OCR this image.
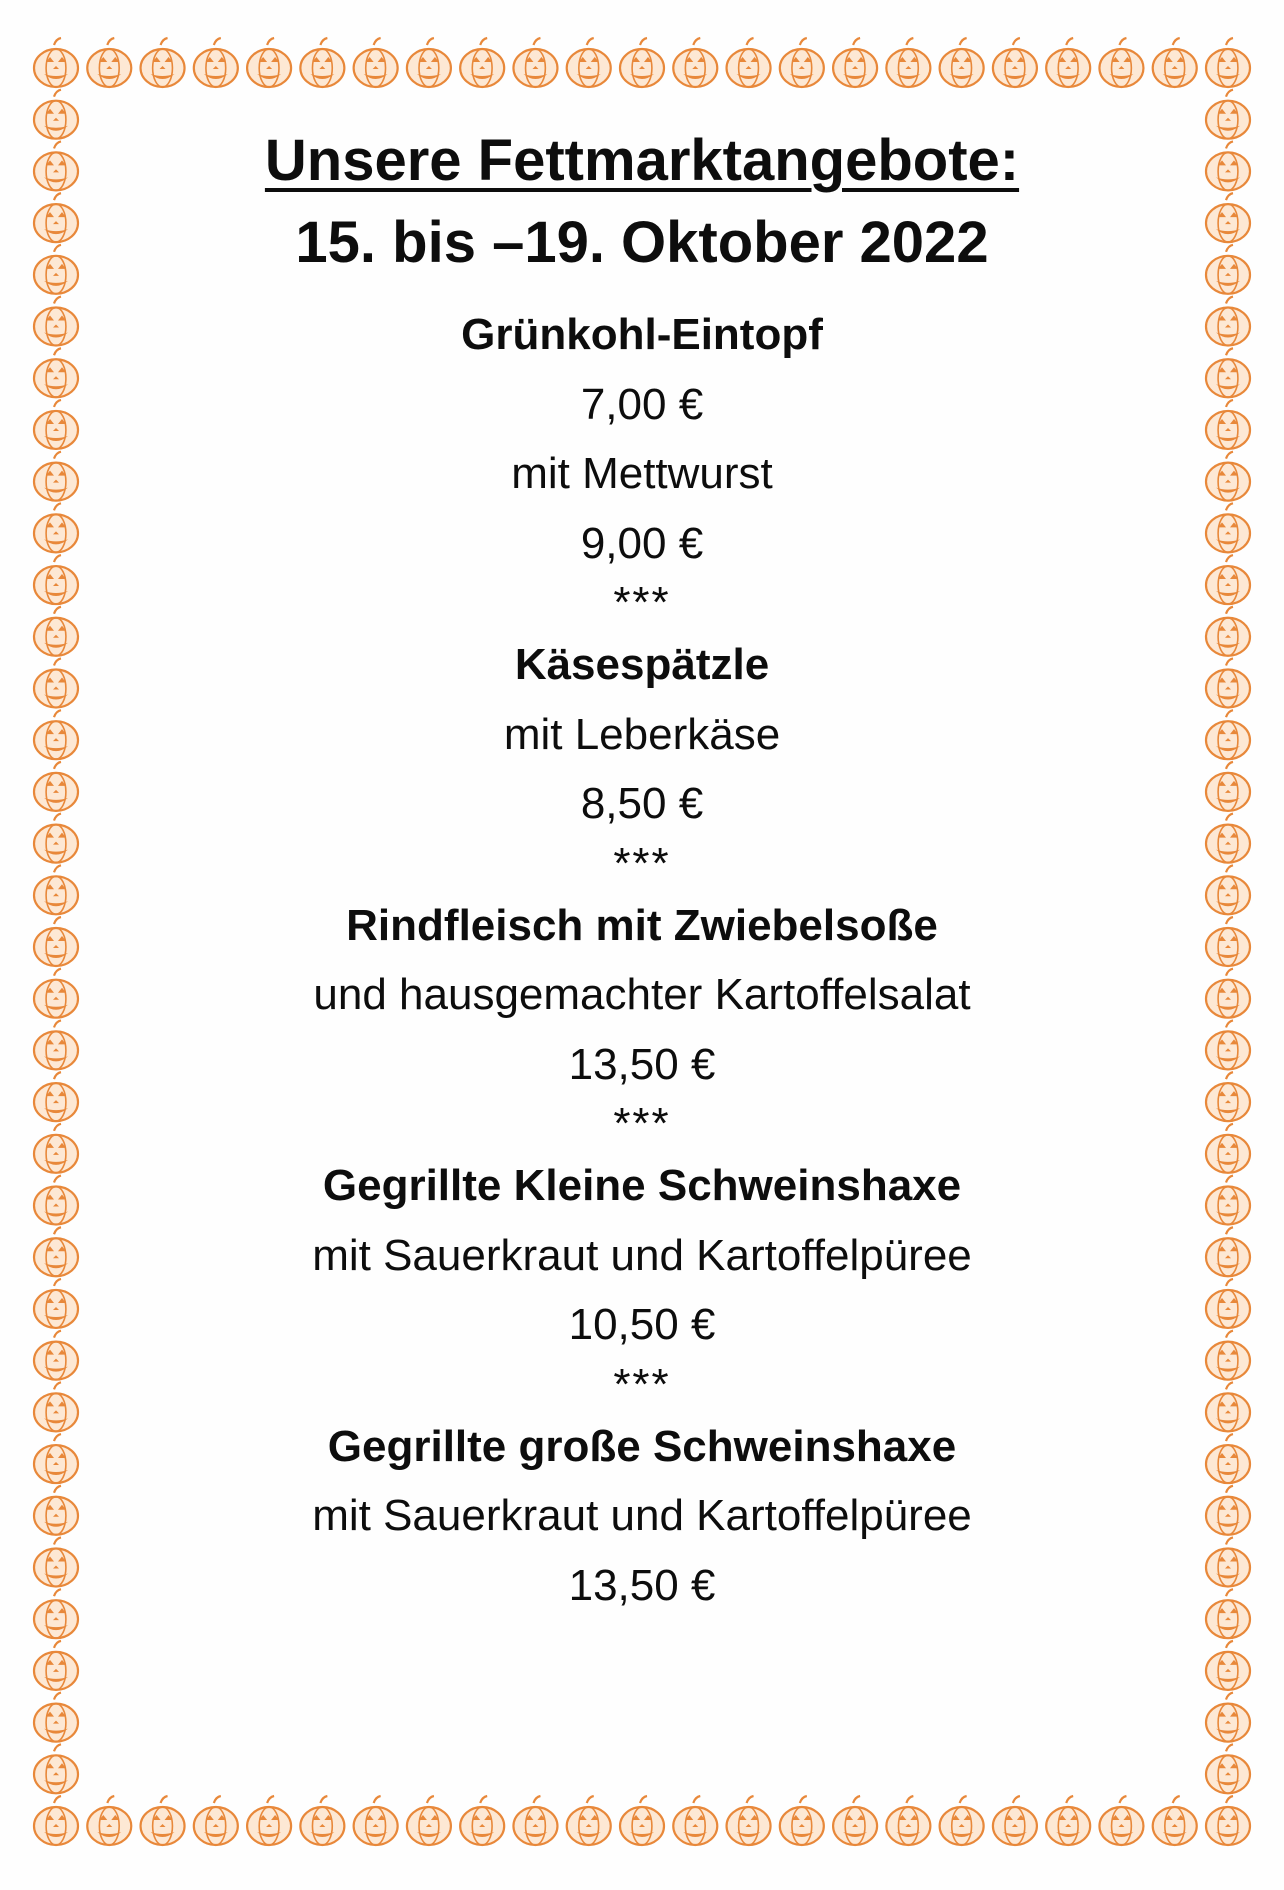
Unsere Fettmarktangebote:

15. bis –19. Oktober 2022

Grünkohl-Eintopf

7,00 €

mit Mettwurst

9,00 €

***

Käsespätzle

mit Leberkäse

8,50 €

***

Rindfleisch mit Zwiebelsoße

und hausgemachter Kartoffelsalat

13,50 €

***

Gegrillte Kleine Schweinshaxe

mit Sauerkraut und Kartoffelpüree

10,50 €

***

Gegrillte große Schweinshaxe

mit Sauerkraut und Kartoffelpüree

13,50 €
